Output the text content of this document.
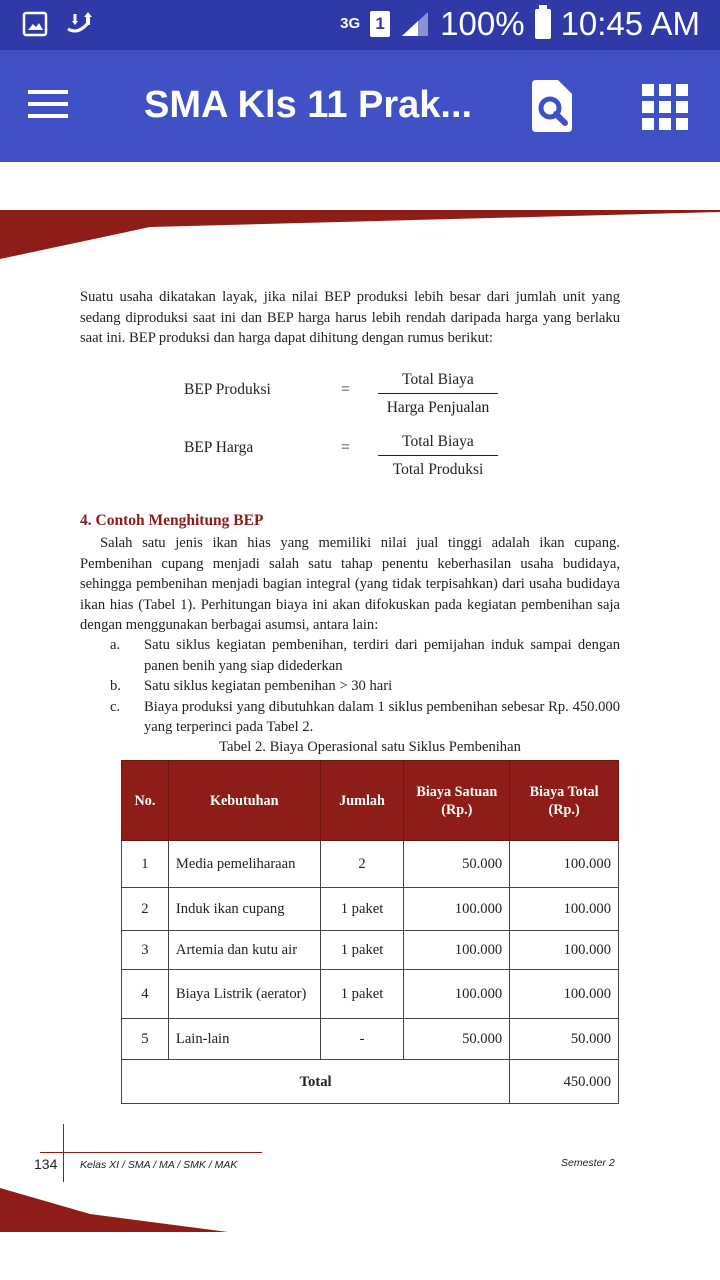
3G 1 100% 10:45 AM
SMA Kls 11 Prak...
Suatu usaha dikatakan layak, jika nilai BEP produksi lebih besar dari jumlah unit yang sedang diproduksi saat ini dan BEP harga harus lebih rendah daripada harga yang berlaku saat ini. BEP produksi dan harga dapat dihitung dengan rumus berikut:
BEP Produksi	=
Total Biaya
Harga Penjualan
BEP Harga	=	Total Biaya
Total Produksi
4. Contoh Menghitung BEP
Salah satu jenis ikan hias yang memiliki nilai jual tinggi adalah ikan cupang. Pembenihan cupang menjadi salah satu tahap penentu keberhasilan usaha budidaya, sehingga pembenihan menjadi bagian integral (yang tidak terpisahkan) dari usaha budidaya ikan hias (Tabel 1). Perhitungan biaya ini akan difokuskan pada kegiatan pembenihan saja dengan menggunakan berbagai asumsi, antara lain:
a.	Satu siklus kegiatan pembenihan, terdiri dari pemijahan induk sampai dengan panen benih yang siap didederkan
b.	Satu siklus kegiatan pembenihan > 30 hari
c.	Biaya produksi yang dibutuhkan dalam 1 siklus pembenihan sebesar Rp. 450.000 yang terperinci pada Tabel 2.
Tabel 2. Biaya Operasional satu Siklus Pembenihan
No.	Kebutuhan	Jumlah	Biaya Satuan (Rp.)	Biaya Total (Rp.)
1	Media pemeliharaan	2	50.000	100.000
2	Induk ikan cupang	1 paket	100.000	100.000
3	Artemia dan kutu air	1 paket	100.000	100.000
4	Biaya Listrik (aerator)	1 paket	100.000	100.000
5	Lain-lain	-	50.000	50.000
Total				450.000
134 Kelas XI / SMA / MA / SMK / MAK	Semester 2
